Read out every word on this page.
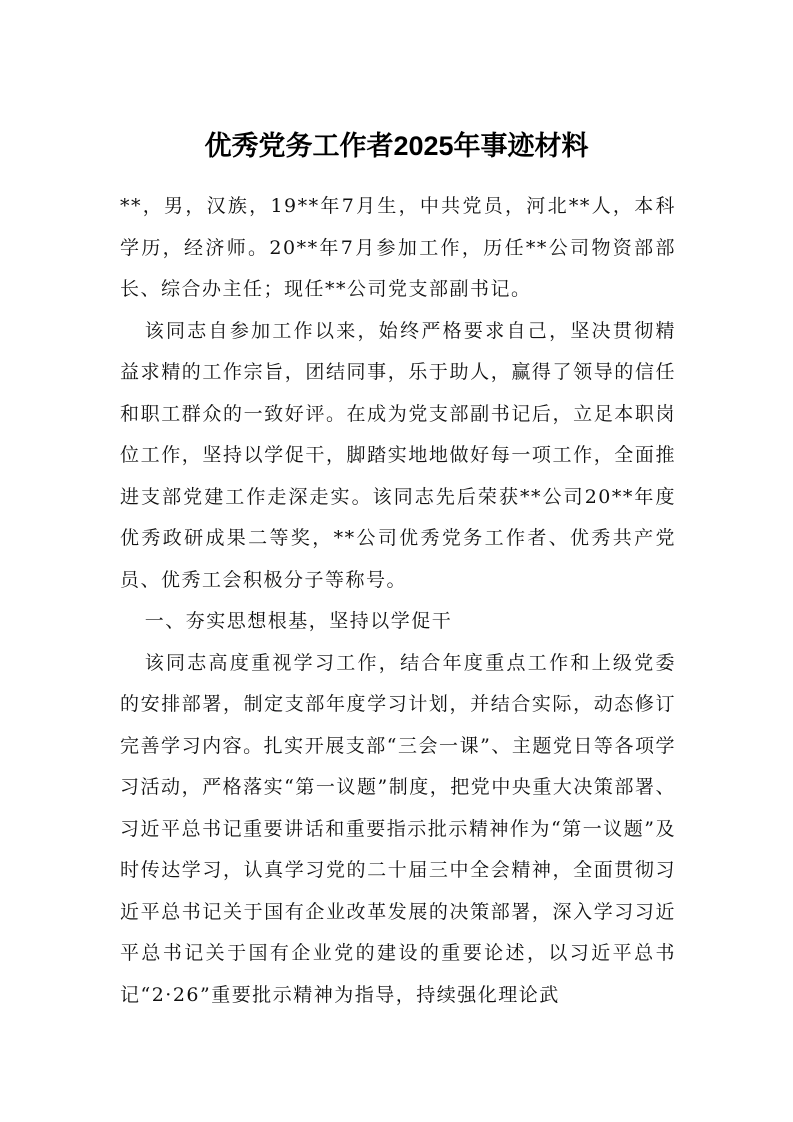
优秀党务工作者2025年事迹材料

**，男，汉族，19**年7月生，中共党员，河北**人，本科学历，经济师。20**年7月参加工作，历任**公司物资部部长、综合办主任；现任**公司党支部副书记。

该同志自参加工作以来，始终严格要求自己，坚决贯彻精益求精的工作宗旨，团结同事，乐于助人，赢得了领导的信任和职工群众的一致好评。在成为党支部副书记后，立足本职岗位工作，坚持以学促干，脚踏实地地做好每一项工作，全面推进支部党建工作走深走实。该同志先后荣获**公司20**年度优秀政研成果二等奖，**公司优秀党务工作者、优秀共产党员、优秀工会积极分子等称号。

一、夯实思想根基，坚持以学促干

该同志高度重视学习工作，结合年度重点工作和上级党委的安排部署，制定支部年度学习计划，并结合实际，动态修订完善学习内容。扎实开展支部“三会一课”、主题党日等各项学习活动，严格落实“第一议题”制度，把党中央重大决策部署、习近平总书记重要讲话和重要指示批示精神作为“第一议题”及时传达学习，认真学习党的二十届三中全会精神，全面贯彻习近平总书记关于国有企业改革发展的决策部署，深入学习习近平总书记关于国有企业党的建设的重要论述，以习近平总书记“2·26”重要批示精神为指导，持续强化理论武
